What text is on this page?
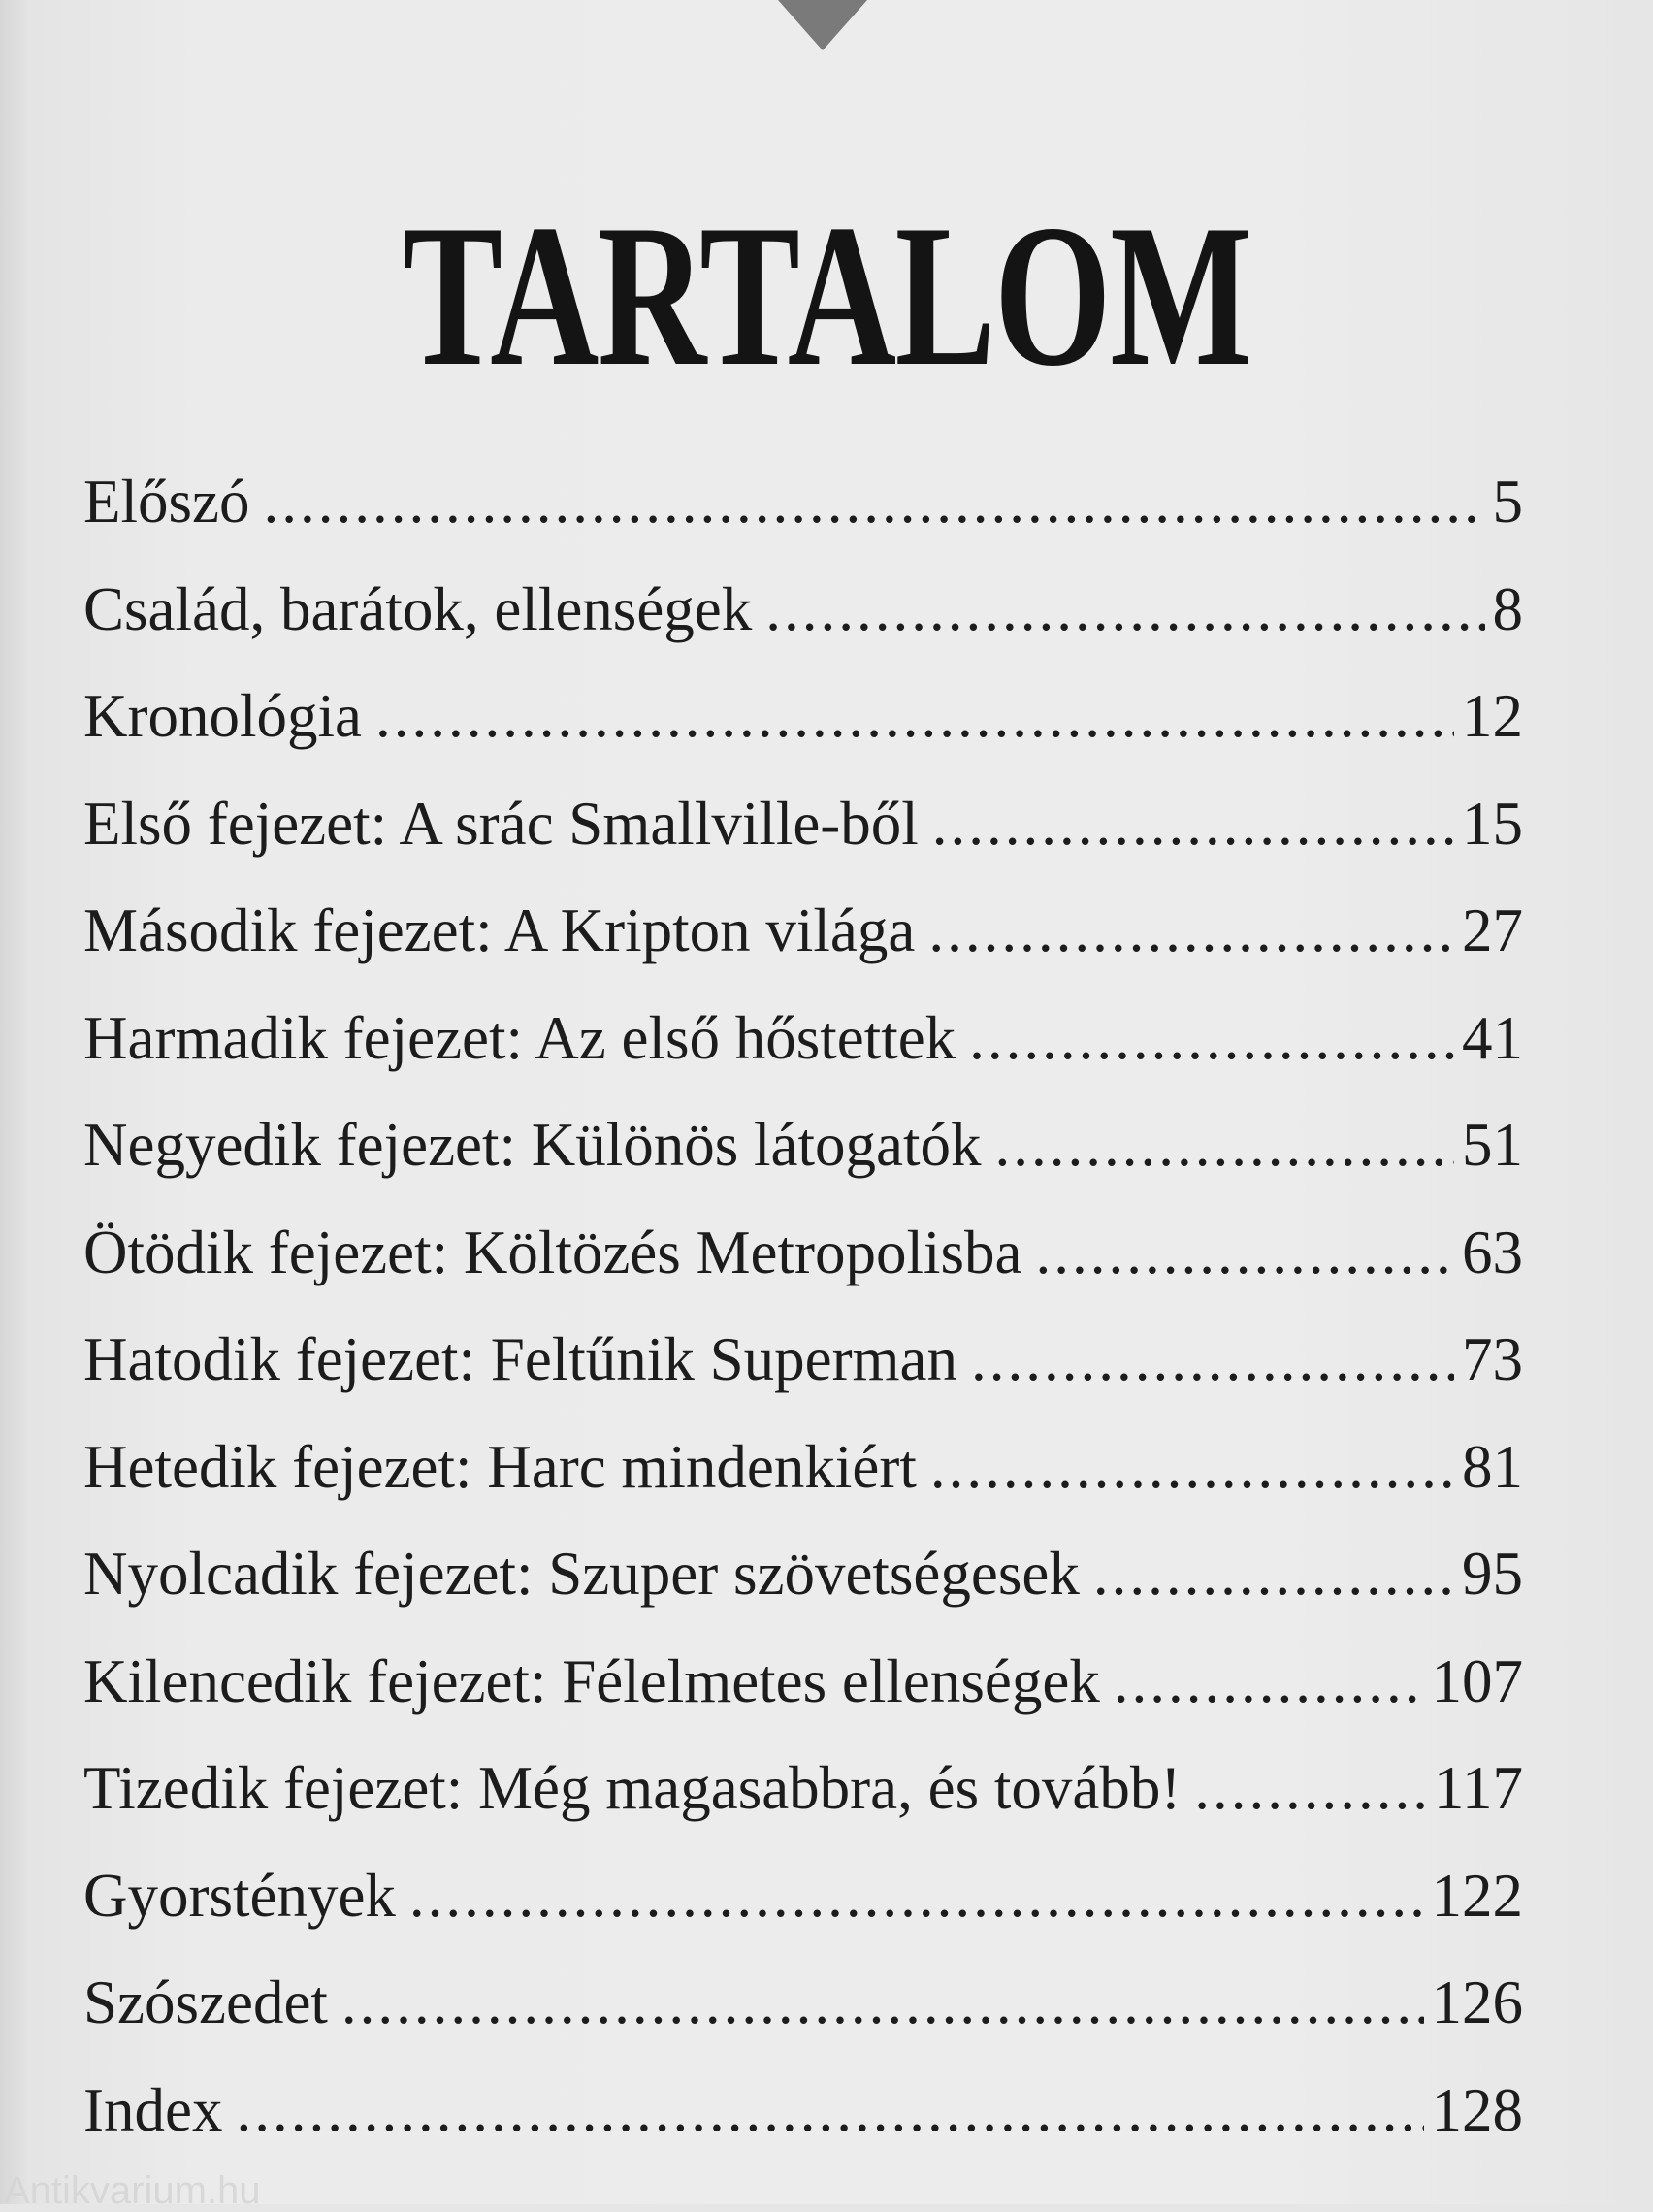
TARTALOM
Előszó .....	5
Család, barátok, ellenségek .....	8
Kronológia .....	12
Első fejezet: A srác Smallville-ből .....	15
Második fejezet: A Kripton világa .....	27
Harmadik fejezet: Az első hőstettek .....	41
Negyedik fejezet: Különös látogatók .....	51
Ötödik fejezet: Költözés Metropolisba .....	63
Hatodik fejezet: Feltűnik Superman .....	73
Hetedik fejezet: Harc mindenkiért .....	81
Nyolcadik fejezet: Szuper szövetségesek .....	95
Kilencedik fejezet: Félelmetes ellenségek .....	107
Tizedik fejezet: Még magasabbra, és tovább! .....	117
Gyorstények .....	122
Szószedet .....	126
Index .....	128
Antikvarium.hu
